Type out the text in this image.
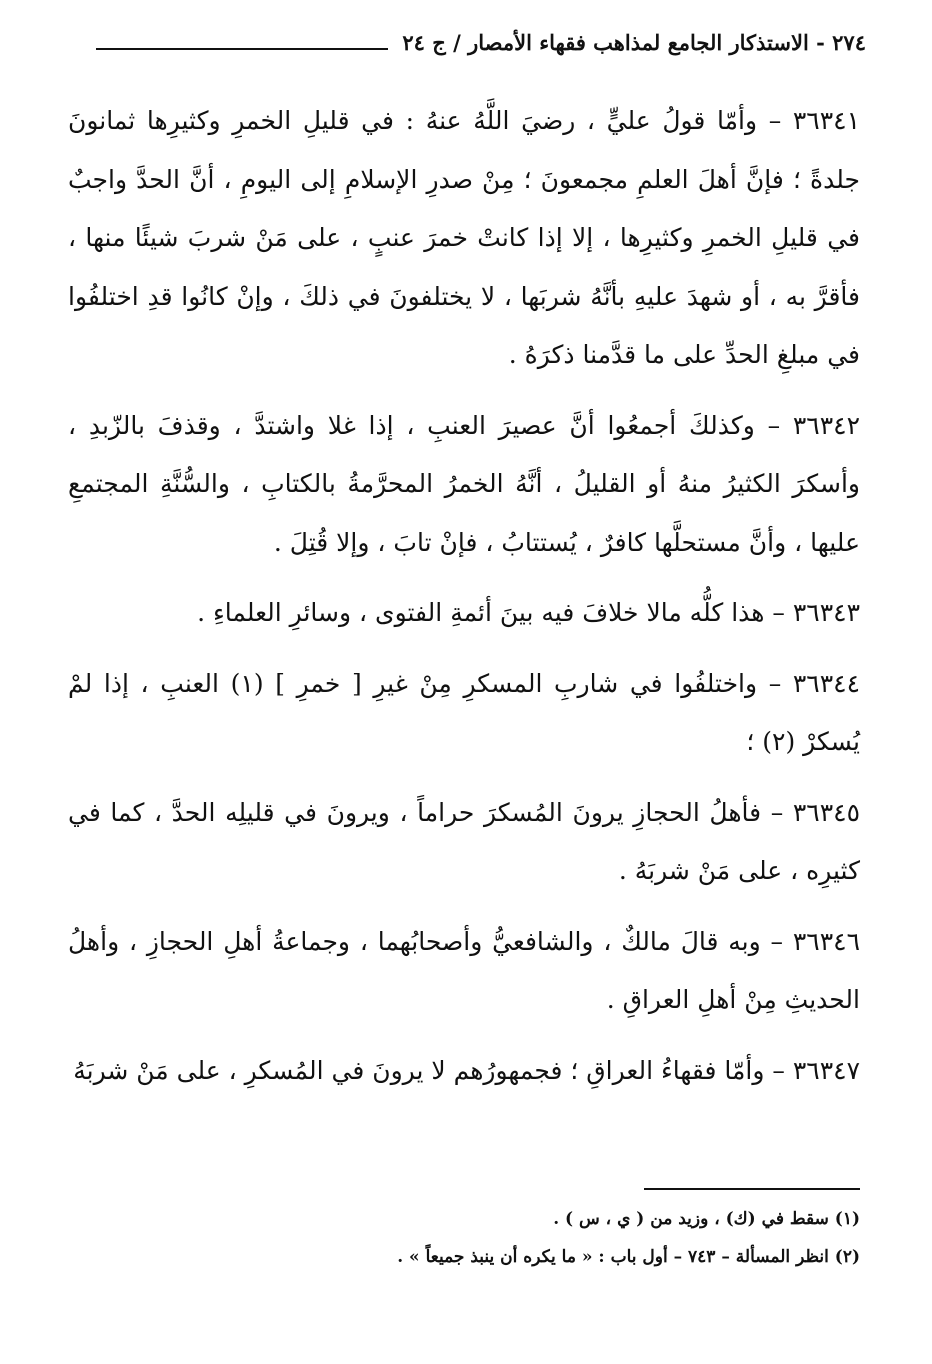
٢٧٤ - الاستذكار الجامع لمذاهب فقهاء الأمصار / ج ٢٤

٣٦٣٤١ – وأمّا قولُ عليٍّ ، رضيَ اللَّهُ عنهُ : في قليلِ الخمرِ وكثيرِها ثمانونَ جلدةً ؛ فإنَّ أهلَ العلمِ مجمعونَ ؛ مِنْ صدرِ الإسلامِ إلى اليومِ ، أنَّ الحدَّ واجبٌ في قليلِ الخمرِ وكثيرِها ، إلا إذا كانتْ خمرَ عنبٍ ، على مَنْ شربَ شيئًا منها ، فأقرَّ به ، أو شهدَ عليهِ بأنَّهُ شربَها ، لا يختلفونَ في ذلكَ ، وإنْ كانُوا قدِ اختلفُوا في مبلغِ الحدِّ على ما قدَّمنا ذكرَهُ .

٣٦٣٤٢ – وكذلكَ أجمعُوا أنَّ عصيرَ العنبِ ، إذا غلا واشتدَّ ، وقذفَ بالزّبدِ ، وأسكرَ الكثيرُ منهُ أو القليلُ ، أنَّهُ الخمرُ المحرَّمةُ بالكتابِ ، والسُّنَّةِ المجتمعِ عليها ، وأنَّ مستحلَّها كافرٌ ، يُستتابُ ، فإنْ تابَ ، وإلا قُتِلَ .

٣٦٣٤٣ – هذا كلُّه مالا خلافَ فيه بينَ أئمةِ الفتوى ، وسائرِ العلماءِ .

٣٦٣٤٤ – واختلفُوا في شاربِ المسكرِ مِنْ غيرِ [ خمرِ ] (١) العنبِ ، إذا لمْ يُسكرْ (٢) ؛

٣٦٣٤٥ – فأهلُ الحجازِ يرونَ المُسكرَ حراماً ، ويرونَ في قليلِه الحدَّ ، كما في كثيرِه ، على مَنْ شربَهُ .

٣٦٣٤٦ – وبه قالَ مالكٌ ، والشافعيُّ وأصحابُهما ، وجماعةُ أهلِ الحجازِ ، وأهلُ الحديثِ مِنْ أهلِ العراقِ .

٣٦٣٤٧ – وأمّا فقهاءُ العراقِ ؛ فجمهورُهم لا يرونَ في المُسكرِ ، على مَنْ شربَهُ

(١) سقط في (ك) ، وزيد من ( ي ، س ) .

(٢) انظر المسألة – ٧٤٣ – أول باب : « ما يكره أن ينبذ جميعاً » .
